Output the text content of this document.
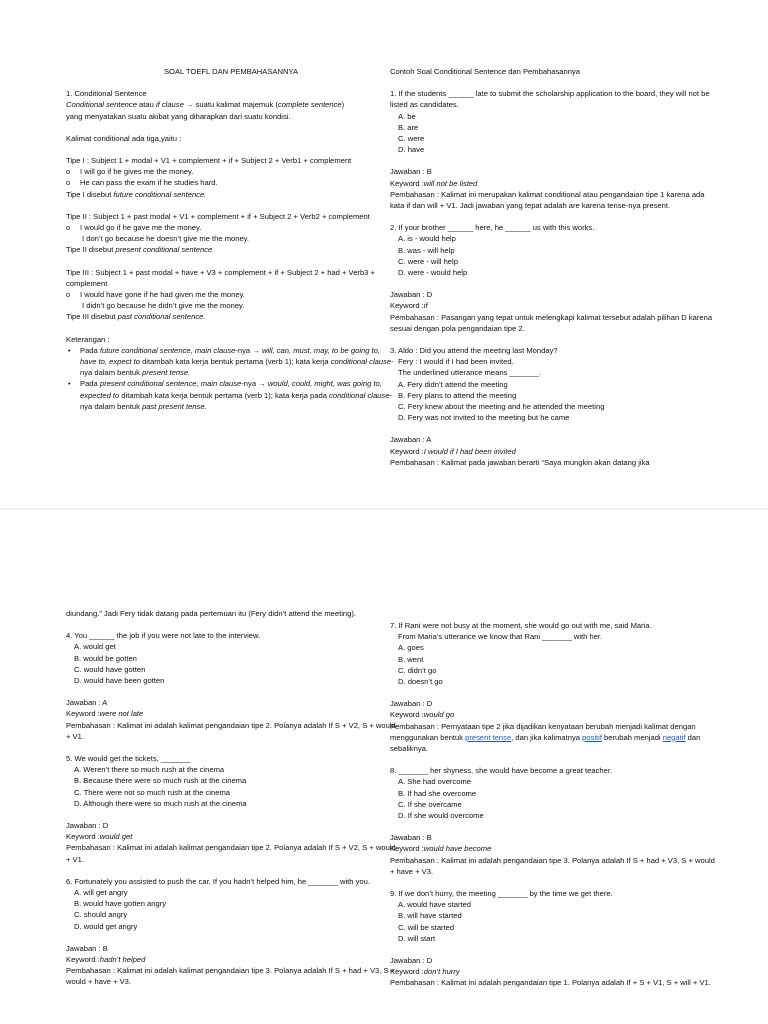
SOAL TOEFL DAN PEMBAHASANNYA

1. Conditional Sentence

Conditional sentence atau if clause → suatu kalimat majemuk (complete sentence)

yang menyatakan suatu akibat yang diharapkan dari suatu kondisi.

Kalimat conditional ada tiga,yaitu :

Tipe I : Subject 1 + modal + V1 + complement + if + Subject 2 + Verb1 + complement

o I will go if he gives me the money.

o He can pass the exam if he studies hard.

Tipe I disebut future conditional sentence.

Tipe II : Subject 1 + past modal + V1 + complement + if + Subject 2 + Verb2 + complement

o I would go if he gave me the money.

I don’t go because he doesn’t give me the money.

Tipe II disebut present conditional sentence.

Tipe III : Subject 1 + past modal + have + V3 + complement + if + Subject 2 + had + Verb3 + complement

o I would have gone if he had given me the money.

I didn’t go because he didn’t give me the money.

Tipe III disebut past conditional sentence.

Keterangan :

• Pada future conditional sentence, main clause-nya → will, can, must, may, to be going to, have to, expect to ditambah kata kerja bentuk pertama (verb 1); kata kerja conditional clause-nya dalam bentuk present tense.

• Pada present conditional sentence, main clause-nya → would, could, might, was going to, expected to ditambah kata kerja bentuk pertama (verb 1); kata kerja pada conditional clause-nya dalam bentuk past present tense.

Contoh Soal Conditional Sentence dan Pembahasannya

1. If the students ______ late to submit the scholarship application to the board, they will not be listed as candidates.

A. be

B. are

C. were

D. have

Jawaban : B

Keyword :will not be listed

Pembahasan : Kalimat ini merupakan kalimat conditional atau pengandaian tipe 1 karena ada kata if dan will + V1. Jadi jawaban yang tepat adalah are karena tense-nya present.

2. If your brother ______ here, he ______ us with this works.

A. is - would help

B. was - will help

C. were - will help

D. were - would help

Jawaban : D

Keyword :if

Pembahasan : Pasangan yang tepat untuk melengkapi kalimat tersebut adalah pilihan D karena sesuai dengan pola pengandaian tipe 2.

3. Aldo : Did you attend the meeting last Monday?

Fery : I would if I had been invited.

The underlined utterance means _______.

A. Fery didn’t attend the meeting

B. Fery plans to attend the meeting

C. Fery knew about the meeting and he attended the meeting

D. Fery was not invited to the meeting but he came

Jawaban : A

Keyword :I would if I had been invited

Pembahasan : Kalimat pada jawaban berarti “Saya mungkin akan datang jika

diundang.” Jadi Fery tidak datang pada pertemuan itu (Fery didn’t attend the meeting).

4. You ______ the job if you were not late to the interview.

A. would get

B. would be gotten

C. would have gotten

D. would have been gotten

Jawaban : A

Keyword :were not late

Pembahasan : Kalimat ini adalah kalimat pengandaian tipe 2. Polanya adalah If S + V2, S + would + V1.

5. We would get the tickets, _______

A. Weren’t there so much rush at the cinema

B. Because there were so much rush at the cinema

C. There were not so much rush at the cinema

D. Although there were so much rush at the cinema

Jawaban : D

Keyword :would get

Pembahasan : Kalimat ini adalah kalimat pengandaian tipe 2. Polanya adalah If S + V2, S + would + V1.

6. Fortunately you assisted to push the car. If you hadn’t helped him, he _______ with you.

A. will get angry

B. would have gotten angry

C. should angry

D. would get angry

Jawaban : B

Keyword :hadn’t helped

Pembahasan : Kalimat ini adalah kalimat pengandaian tipe 3. Polanya adalah If S + had + V3, S + would + have + V3.

7. If Rani were not busy at the moment, she would go out with me, said Maria.

From Maria’s utterance we know that Rani _______ with her.

A. goes

B. went

C. didn’t go

D. doesn’t go

Jawaban : D

Keyword :would go

Pembahasan : Pernyataan tipe 2 jika dijadikan kenyataan berubah menjadi kalimat dengan menggunakan bentuk present tense, dan jika kalimatnya positif berubah menjadi negatif dan sebaliknya.

8. _______ her shyness, she would have become a great teacher.

A. She had overcome

B. If had she overcome

C. If she overcame

D. If she would overcome

Jawaban : B

Keyword :would have become

Pembahasan : Kalimat ini adalah pengandaian tipe 3. Polanya adalah If S + had + V3, S + would + have + V3.

9. If we don’t hurry, the meeting _______ by the time we get there.

A. would have started

B. will have started

C. will be started

D. will start

Jawaban : D

Keyword :don’t hurry

Pembahasan : Kalimat ini adalah pengandaian tipe 1. Polanya adalah If + S + V1, S + will + V1.
